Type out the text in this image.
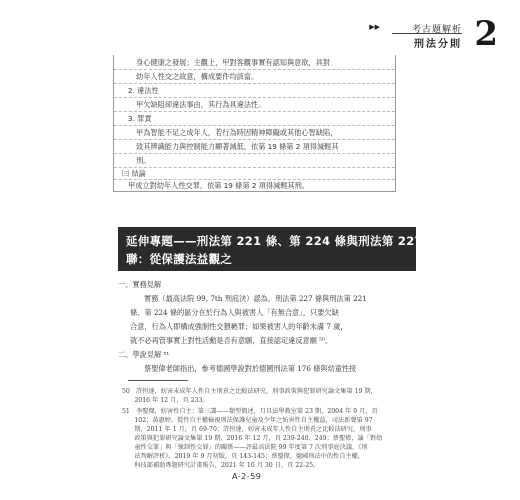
▶▶	考古題解析
刑法分則 2
身心健康之發展；主觀上，甲對客觀事實有認知與意欲，具對
幼年人性交之故意，構成要件均該當。
2. 違法性
甲欠缺阻卻違法事由，其行為具違法性。
3. 罪責
甲為智能不足之成年人，若行為時因精神障礙或其他心智缺陷，
致其辨識能力與控制能力顯著減低，依第 19 條第 2 項得減輕其
刑。
㈢ 結論
甲成立對幼年人性交罪，依第 19 條第 2 項得減輕其刑。
延伸專題——刑法第 221 條、第 224 條與刑法第 227 條之關
聯：從保護法益觀之
一、實務見解
實務（最高法院 99, 7th 刑庭決）認為，刑法第 227 條與刑法第 221
條、第 224 條的區分在於行為人與被害人「有無合意」，只要欠缺
合意，行為人即構成強制性交猥褻罪；如果被害人的年齡未滿 7 歲，
就不必再管事實上對性活動是否有意願，直接認定違反意願 ⁵⁰。
二、學說見解 ⁵¹
蔡聖偉老師指出，參考德國學說對於德國刑法第 176 條與幼童性接
50　許恒達，妨害未成年人性自主刑責之比較法研究，刑事政策與犯罪研究論文集第 19 期，
　　2016 年 12 月，頁 233。
51　李聖傑，妨害性自主：第三講——類型簡述，月旦法學教室第 23 期，2004 年 9 月，頁
　　102；黃惠婷，從性自主權檢視刑法保護兒童及少年之妨害性自主權益，司法新聲第 97
　　期，2011 年 1 月，頁 69-70；許恒達，妨害未成年人性自主刑責之比較法研究，刑事
　　政策與犯罪研究論文集第 19 期，2016 年 12 月，頁 239-240、249；蔡聖偉，論「對幼
　　童性交罪」與「強制性交罪」的關係——評最高法院 99 年度第 7 次刑事庭決議，《刑
　　法判解評析》，2019 年 9 月初版，頁 143-145；蔡聖偉，德國刑法中的性自主權，
　　科技部補助專題研究計畫報告，2021 年 10 月 30 日，頁 22-25。
A-2-59
